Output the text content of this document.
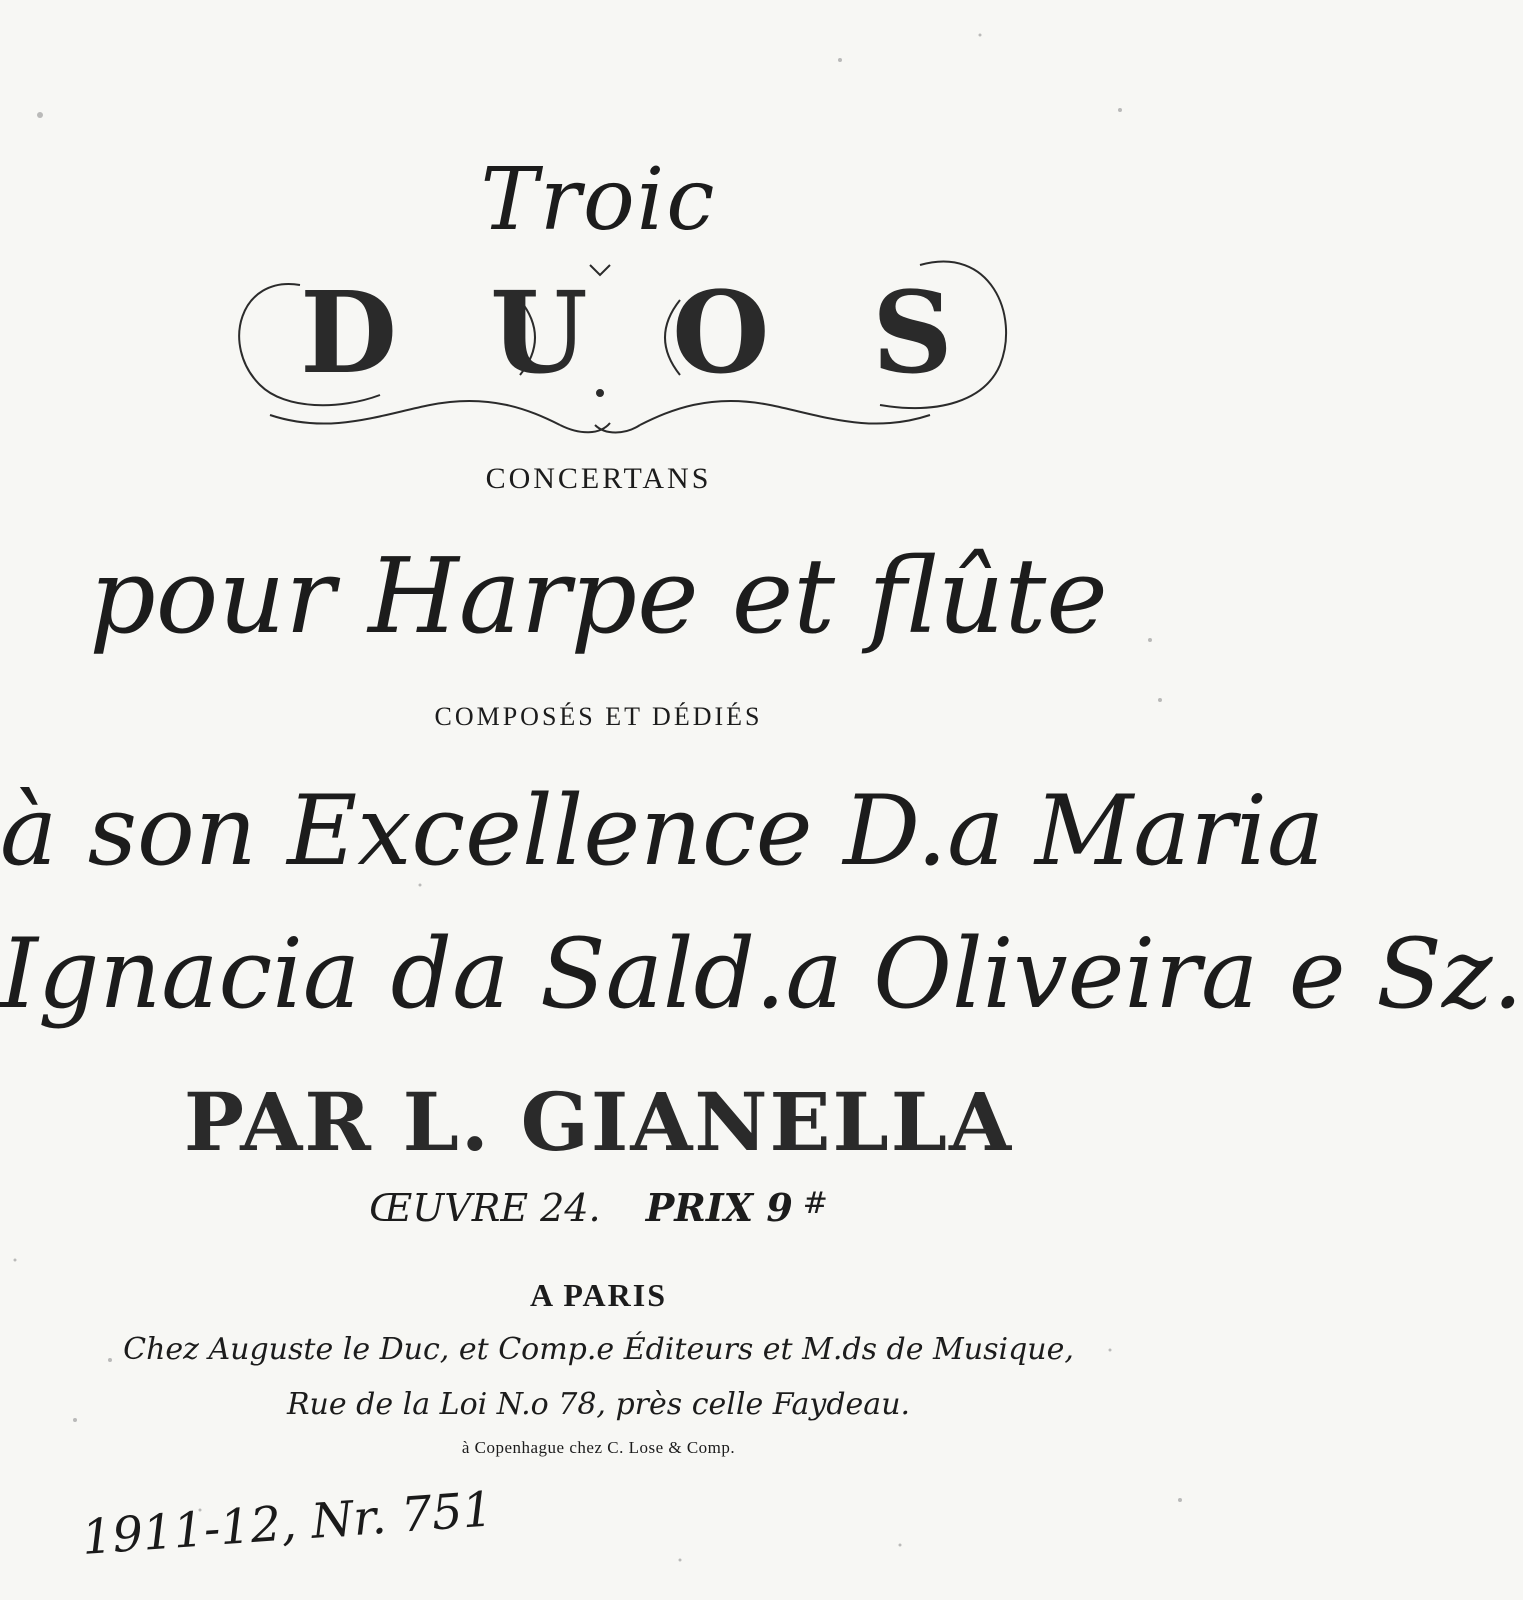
Troic
D U O S
CONCERTANS
pour Harpe et flûte
COMPOSÉS ET DÉDIÉS
à son Excellence D.a Maria
Ignacia da Sald.a Oliveira e Sz.
PAR L. GIANELLA
ŒUVRE 24. PRIX 9 #
A PARIS
Chez Auguste le Duc, et Comp.e Éditeurs et M.ds de Musique,
Rue de la Loi N.o 78, près celle Faydeau.
à Copenhague chez C. Lose & Comp.
1911-12, Nr. 751
